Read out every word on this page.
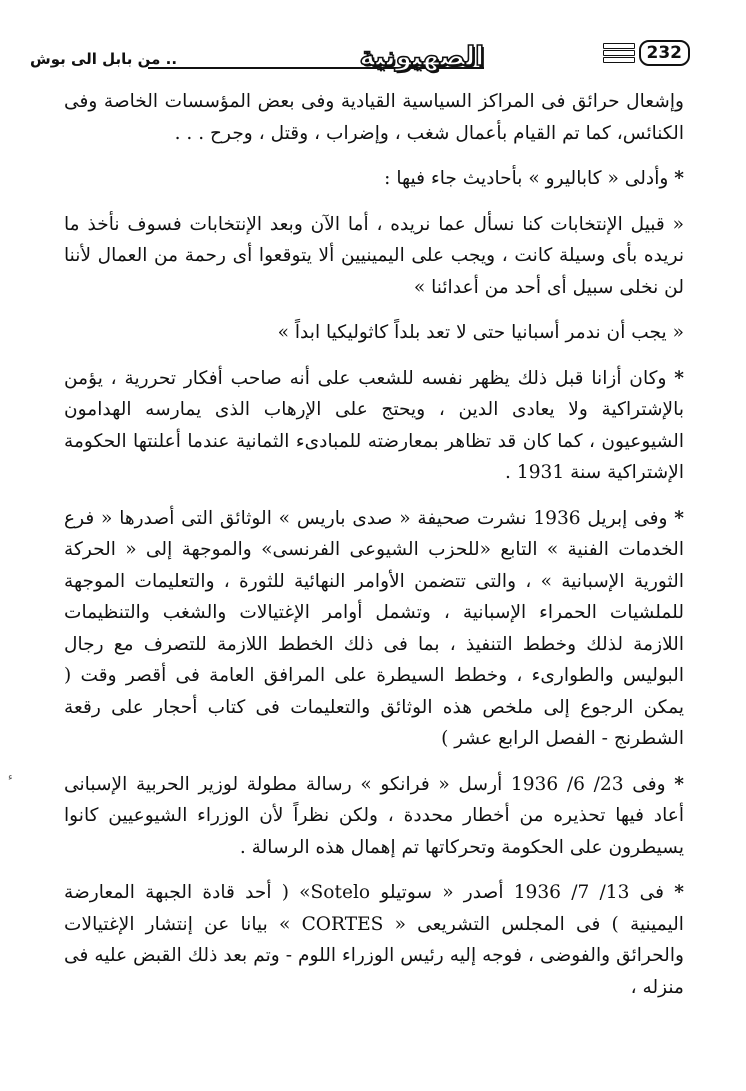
.. من بابل الى بوش	الصهيونية	232

وإشعال حرائق فى المراكز السياسية القيادية وفى بعض المؤسسات الخاصة وفى الكنائس، كما تم القيام بأعمال شغب ، وإضراب ، وقتل ، وجرح . . .

* وأدلى « كاباليرو » بأحاديث جاء فيها :

« قبيل الإنتخابات كنا نسأل عما نريده ، أما الآن وبعد الإنتخابات فسوف نأخذ ما نريده بأى وسيلة كانت ، ويجب على اليمينيين ألا يتوقعوا أى رحمة من العمال لأننا لن نخلى سبيل أى أحد من أعدائنا »

« يجب أن ندمر أسبانيا حتى لا تعد بلداً كاثوليكيا ابداً »

* وكان أزانا قبل ذلك يظهر نفسه للشعب على أنه صاحب أفكار تحررية ، يؤمن بالإشتراكية ولا يعادى الدين ، ويحتج على الإرهاب الذى يمارسه الهدامون الشيوعيون ، كما كان قد تظاهر بمعارضته للمبادىء الثمانية عندما أعلنتها الحكومة الإشتراكية سنة 1931 .

* وفى إبريل 1936 نشرت صحيفة « صدى باريس » الوثائق التى أصدرها « فرع الخدمات الفنية » التابع «للحزب الشيوعى الفرنسى» والموجهة إلى « الحركة الثورية الإسبانية » ، والتى تتضمن الأوامر النهائية للثورة ، والتعليمات الموجهة للملشيات الحمراء الإسبانية ، وتشمل أوامر الإغتيالات والشغب والتنظيمات اللازمة لذلك وخطط التنفيذ ، بما فى ذلك الخطط اللازمة للتصرف مع رجال البوليس والطوارىء ، وخطط السيطرة على المرافق العامة فى أقصر وقت ( يمكن الرجوع إلى ملخص هذه الوثائق والتعليمات فى كتاب أحجار على رقعة الشطرنج - الفصل الرابع عشر )

* وفى 23/ 6/ 1936 أرسل « فرانكو » رسالة مطولة لوزير الحربية الإسبانى أعاد فيها تحذيره من أخطار محددة ، ولكن نظراً لأن الوزراء الشيوعيين كانوا يسيطرون على الحكومة وتحركاتها تم إهمال هذه الرسالة .

* فى 13/ 7/ 1936 أصدر « سوتيلو Sotelo» ( أحد قادة الجبهة المعارضة اليمينية ) فى المجلس التشريعى « CORTES » بيانا عن إنتشار الإغتيالات والحرائق والفوضى ، فوجه إليه رئيس الوزراء اللوم - وتم بعد ذلك القبض عليه فى منزله ،

ء
